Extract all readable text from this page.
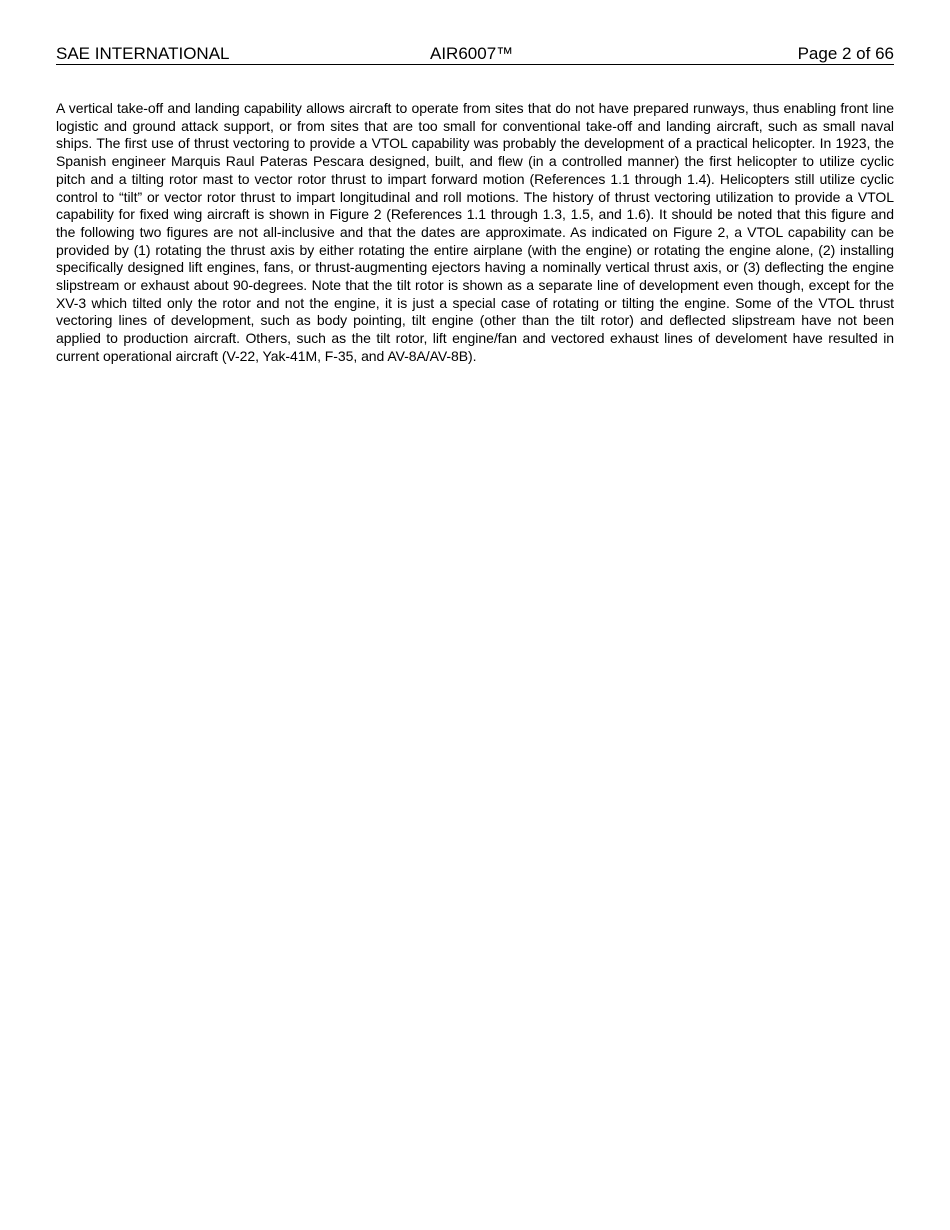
SAE INTERNATIONAL	AIR6007™	Page 2 of 66

A vertical take-off and landing capability allows aircraft to operate from sites that do not have prepared runways, thus enabling front line logistic and ground attack support, or from sites that are too small for conventional take-off and landing aircraft, such as small naval ships. The first use of thrust vectoring to provide a VTOL capability was probably the development of a practical helicopter. In 1923, the Spanish engineer Marquis Raul Pateras Pescara designed, built, and flew (in a controlled manner) the first helicopter to utilize cyclic pitch and a tilting rotor mast to vector rotor thrust to impart forward motion (References 1.1 through 1.4). Helicopters still utilize cyclic control to “tilt” or vector rotor thrust to impart longitudinal and roll motions. The history of thrust vectoring utilization to provide a VTOL capability for fixed wing aircraft is shown in Figure 2 (References 1.1 through 1.3, 1.5, and 1.6). It should be noted that this figure and the following two figures are not all-inclusive and that the dates are approximate. As indicated on Figure 2, a VTOL capability can be provided by (1) rotating the thrust axis by either rotating the entire airplane (with the engine) or rotating the engine alone, (2) installing specifically designed lift engines, fans, or thrust-augmenting ejectors having a nominally vertical thrust axis, or (3) deflecting the engine slipstream or exhaust about 90-degrees. Note that the tilt rotor is shown as a separate line of development even though, except for the XV-3 which tilted only the rotor and not the engine, it is just a special case of rotating or tilting the engine. Some of the VTOL thrust vectoring lines of development, such as body pointing, tilt engine (other than the tilt rotor) and deflected slipstream have not been applied to production aircraft. Others, such as the tilt rotor, lift engine/fan and vectored exhaust lines of develoment have resulted in current operational aircraft (V-22, Yak-41M, F-35, and AV-8A/AV-8B).
